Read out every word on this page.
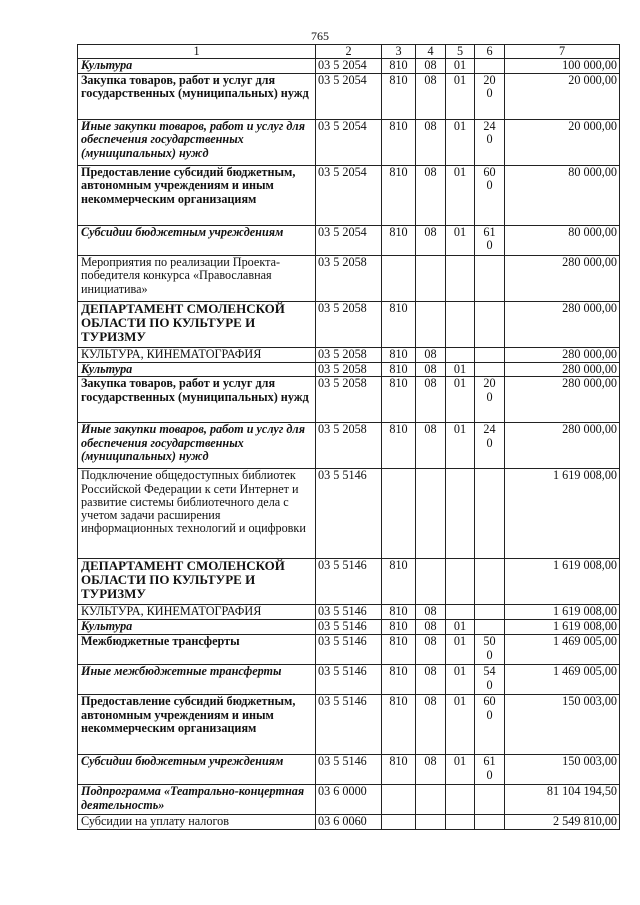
765
1	2	3	4	5	6	7
Культура	03 5 2054	810	08	01		100 000,00
Закупка товаров, работ и услуг для государственных (муниципальных) нужд	03 5 2054	810	08	01	200	20 000,00
Иные закупки товаров, работ и услуг для обеспечения государственных (муниципальных) нужд	03 5 2054	810	08	01	240	20 000,00
Предоставление субсидий бюджетным, автономным учреждениям и иным некоммерческим организациям	03 5 2054	810	08	01	600	80 000,00
Субсидии бюджетным учреждениям	03 5 2054	810	08	01	610	80 000,00
Мероприятия по реализации Проекта-победителя конкурса «Православная инициатива»	03 5 2058					280 000,00
ДЕПАРТАМЕНТ СМОЛЕНСКОЙ ОБЛАСТИ ПО КУЛЬТУРЕ И ТУРИЗМУ	03 5 2058	810				280 000,00
КУЛЬТУРА, КИНЕМАТОГРАФИЯ	03 5 2058	810	08			280 000,00
Культура	03 5 2058	810	08	01		280 000,00
Закупка товаров, работ и услуг для государственных (муниципальных) нужд	03 5 2058	810	08	01	200	280 000,00
Иные закупки товаров, работ и услуг для обеспечения государственных (муниципальных) нужд	03 5 2058	810	08	01	240	280 000,00
Подключение общедоступных библиотек Российской Федерации к сети Интернет и развитие системы библиотечного дела с учетом задачи расширения информационных технологий и оцифровки	03 5 5146					1 619 008,00
ДЕПАРТАМЕНТ СМОЛЕНСКОЙ ОБЛАСТИ ПО КУЛЬТУРЕ И ТУРИЗМУ	03 5 5146	810				1 619 008,00
КУЛЬТУРА, КИНЕМАТОГРАФИЯ	03 5 5146	810	08			1 619 008,00
Культура	03 5 5146	810	08	01		1 619 008,00
Межбюджетные трансферты	03 5 5146	810	08	01	500	1 469 005,00
Иные межбюджетные трансферты	03 5 5146	810	08	01	540	1 469 005,00
Предоставление субсидий бюджетным, автономным учреждениям и иным некоммерческим организациям	03 5 5146	810	08	01	600	150 003,00
Субсидии бюджетным учреждениям	03 5 5146	810	08	01	610	150 003,00
Подпрограмма «Театрально-концертная деятельность»	03 6 0000					81 104 194,50
Субсидии на уплату налогов	03 6 0060					2 549 810,00
